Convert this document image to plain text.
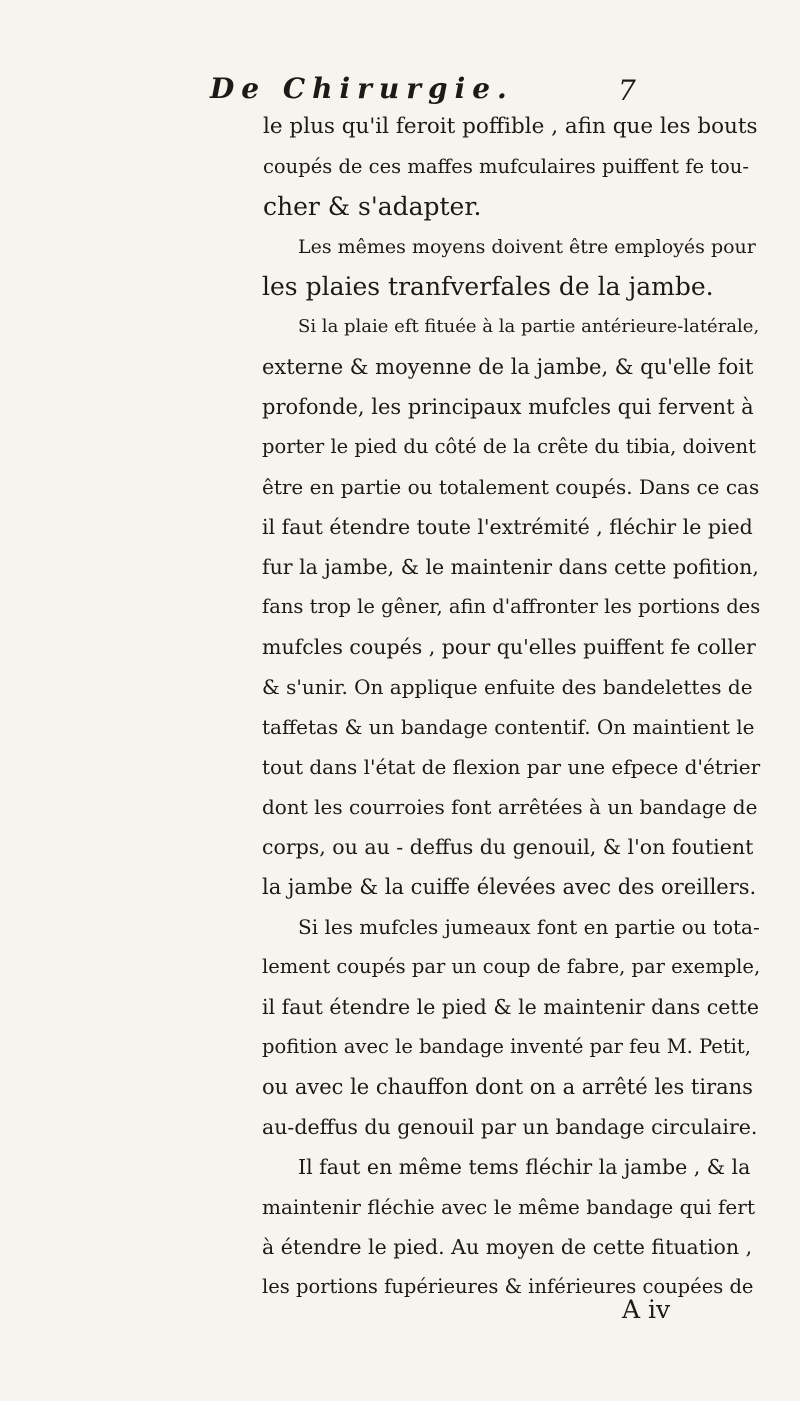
De Chirurgie.	7
le plus qu'il feroit poffible , afin que les bouts
coupés de ces maffes mufculaires puiffent fe tou-
cher & s'adapter.
Les mêmes moyens doivent être employés pour
les plaies tranfverfales de la jambe.
Si la plaie eft fituée à la partie antérieure-latérale,
externe & moyenne de la jambe, & qu'elle foit
profonde, les principaux mufcles qui fervent à
porter le pied du côté de la crête du tibia, doivent
être en partie ou totalement coupés. Dans ce cas
il faut étendre toute l'extrémité , fléchir le pied
fur la jambe, & le maintenir dans cette pofition,
fans trop le gêner, afin d'affronter les portions des
mufcles coupés , pour qu'elles puiffent fe coller
& s'unir. On applique enfuite des bandelettes de
taffetas & un bandage contentif. On maintient le
tout dans l'état de flexion par une efpece d'étrier
dont les courroies font arrêtées à un bandage de
corps, ou au - deffus du genouil, & l'on foutient
la jambe & la cuiffe élevées avec des oreillers.
Si les mufcles jumeaux font en partie ou tota-
lement coupés par un coup de fabre, par exemple,
il faut étendre le pied & le maintenir dans cette
pofition avec le bandage inventé par feu M. Petit,
ou avec le chauffon dont on a arrêté les tirans
au-deffus du genouil par un bandage circulaire.
Il faut en même tems fléchir la jambe , & la
maintenir fléchie avec le même bandage qui fert
à étendre le pied. Au moyen de cette fituation ,
les portions fupérieures & inférieures coupées de
A iv
